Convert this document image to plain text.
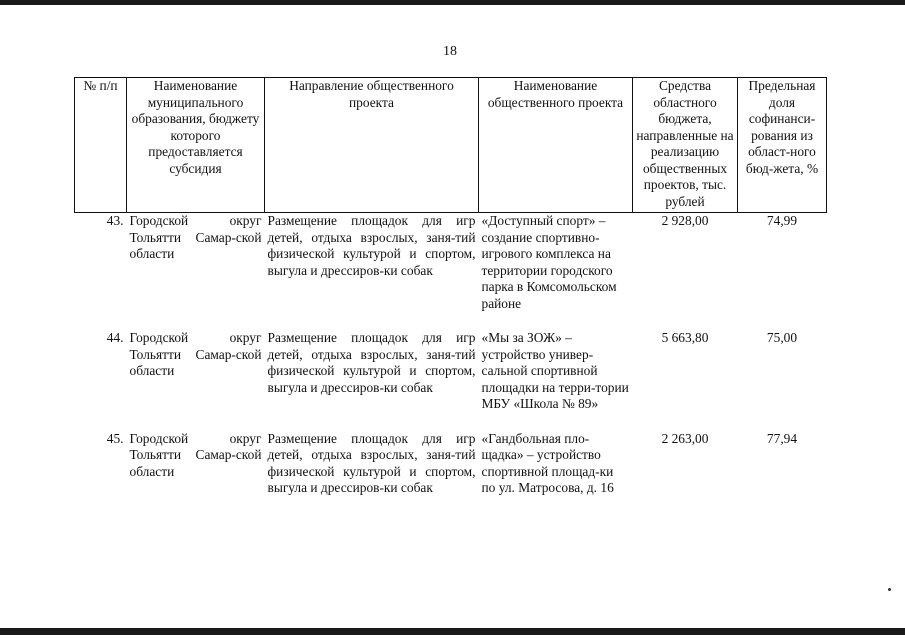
18
№ п/п	Наименование муниципального образования, бюджету которого предоставляется субсидия	Направление общественного проекта	Наименование общественного проекта	Средства областного бюджета, направленные на реализацию общественных проектов, тыс. рублей	Предельная доля софинанси-рования из област-ного бюд-жета, %
43.	Городской округ Тольятти Самар-ской области	Размещение площадок для игр детей, отдыха взрослых, заня-тий физической культурой и спортом, выгула и дрессиров-ки собак	«Доступный спорт» – создание спортивно-игрового комплекса на территории городского парка в Комсомольском районе	2 928,00	74,99
44.	Городской округ Тольятти Самар-ской области	Размещение площадок для игр детей, отдыха взрослых, заня-тий физической культурой и спортом, выгула и дрессиров-ки собак	«Мы за ЗОЖ» – устройство универ-сальной спортивной площадки на терри-тории МБУ «Школа № 89»	5 663,80	75,00
45.	Городской округ Тольятти Самар-ской области	Размещение площадок для игр детей, отдыха взрослых, заня-тий физической культурой и спортом, выгула и дрессиров-ки собак	«Гандбольная пло-щадка» – устройство спортивной площад-ки по ул. Матросова, д. 16	2 263,00	77,94
